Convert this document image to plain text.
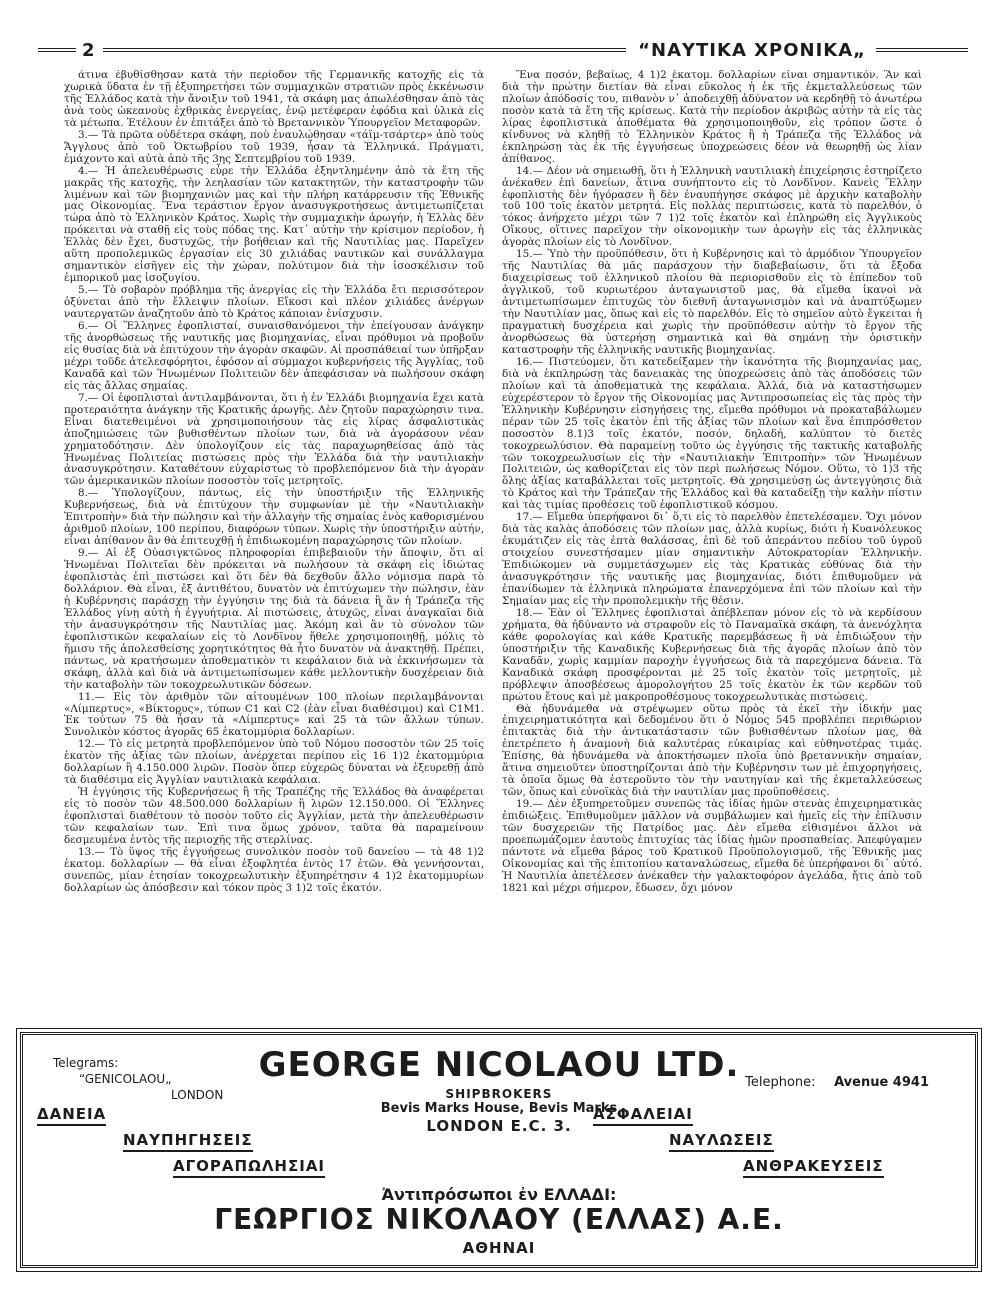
2	“ΝΑΥΤΙΚΑ ΧΡΟΝΙΚΑ„

άτινα ἐβυθίσθησαν κατὰ τὴν περίοδον τῆς Γερμανικῆς κατοχῆς εἰς τὰ χωρικὰ ὕδατα ἐν τῇ ἐξυπηρετήσει τῶν συμμαχικῶν στρατιῶν πρὸς ἐκκένωσιν τῆς Ἑλλάδος κατὰ τὴν ἄνοιξιν τοῦ 1941, τὰ σκάφη μας ἀπωλέσθησαν ἀπὸ τὰς ἀνὰ τοὺς ὠκεανοὺς ἐχθρικὰς ἐνεργείας, ἐνῷ μετέφεραν ἐφόδια καὶ ὑλικὰ εἰς τὰ μέτωπα. Ἐτέλουν ἐν ἐπιτάξει ἀπὸ τὸ Βρεταννικὸν Ὑπουργεῖον Μεταφορῶν.

3.— Τὰ πρῶτα οὐδέτερα σκάφη, ποὺ ἐναυλώθησαν «τάϊμ-τσάρτερ» ἀπὸ τοὺς Ἄγγλους ἀπὸ τοῦ Ὀκτωβρίου τοῦ 1939, ἦσαν τὰ Ἑλληνικά. Πράγματι, ἐμάχοντο καὶ αὐτὰ ἀπὸ τῆς 3ης Σεπτεμβρίου τοῦ 1939.

4.— Ἡ ἀπελευθέρωσις εὗρε τὴν Ἑλλάδα ἐξηντλημένην ἀπὸ τὰ ἔτη τῆς μακρᾶς τῆς κατοχῆς, τὴν λεηλασίαν τῶν κατακτητῶν, τὴν καταστροφὴν τῶν λιμένων καὶ τῶν βιομηχανιῶν μας καὶ τὴν πλήρη κατάρρευσιν τῆς Ἐθνικῆς μας Οἰκονομίας. Ἕνα τεράστιον ἔργον ἀνασυγκροτήσεως ἀντιμετωπίζεται τώρα ἀπὸ τὸ Ἑλληνικὸν Κράτος. Χωρὶς τὴν συμμαχικὴν ἀρωγήν, ἡ Ἑλλὰς δὲν πρόκειται νὰ σταθῇ εἰς τοὺς πόδας της. Κατ᾽ αὐτὴν τὴν κρίσιμον περίοδον, ἡ Ἑλλὰς δὲν ἔχει, δυστυχῶς, τὴν βοήθειαν καὶ τῆς Ναυτιλίας μας. Παρεῖχεν αὕτη προπολεμικῶς ἐργασίαν εἰς 30 χιλιάδας ναυτικῶν καὶ συνάλλαγμα σημαντικὸν εἰσῆγεν εἰς τὴν χώραν, πολύτιμον διὰ τὴν ἰσοσκέλισιν τοῦ ἐμπορικοῦ μας ἰσοζυγίου.

5.— Τὸ σοβαρὸν πρόβλημα τῆς ἀνεργίας εἰς τὴν Ἑλλάδα ἔτι περισσότερον ὀξύνεται ἀπὸ τὴν ἔλλειψιν πλοίων. Εἴκοσι καὶ πλέον χιλιάδες ἀνέργων ναυτεργατῶν ἀναζητοῦν ἀπὸ τὸ Κράτος κάποιαν ἐνίσχυσιν.

6.— Οἱ Ἕλληνες ἐφοπλισταί, συναισθανόμενοι τὴν ἐπείγουσαν ἀνάγκην τῆς ἀνορθώσεως τῆς ναυτικῆς μας βιομηχανίας, εἶναι πρόθυμοι νὰ προβοῦν εἰς θυσίας διὰ νὰ ἐπιτύχουν τὴν ἀγορὰν σκαφῶν. Αἱ προσπάθειαί των ὑπῆρξαν μέχρι τοῦδε ἀτελεσφόρητοι, ἐφόσον αἱ σύμμαχοι κυβερνήσεις τῆς Ἀγγλίας, τοῦ Καναδᾶ καὶ τῶν Ἡνωμένων Πολιτειῶν δὲν ἀπεφάσισαν νὰ πωλήσουν σκάφη εἰς τὰς ἄλλας σημαίας.

7.— Οἱ ἐφοπλισταὶ ἀντιλαμβάνονται, ὅτι ἡ ἐν Ἑλλάδι βιομηχανία ἔχει κατὰ προτεραιότητα ἀνάγκην τῆς Κρατικῆς ἀρωγῆς. Δὲν ζητοῦν παραχώρησιν τινα. Εἶναι διατεθειμένοι νὰ χρησιμοποιήσουν τὰς εἰς λίρας ἀσφαλιστικὰς ἀποζημιώσεις τῶν βυθισθέντων πλοίων των, διὰ νὰ ἀγοράσουν νέαν χρηματοδότησιν. Δὲν ὑπολογίζουν εἰς τὰς παραχωρηθείσας ἀπὸ τὰς Ἡνωμένας Πολιτείας πιστώσεις πρὸς τὴν Ἑλλάδα διὰ τὴν ναυτιλιακὴν ἀνασυγκρότησιν. Καταθέτουν εὐχαρίστως τὸ προβλεπόμενον διὰ τὴν ἀγορὰν τῶν ἀμερικανικῶν πλοίων ποσοστὸν τοῖς μετρητοῖς.

8.— Ὑπολογίζουν, πάντως, εἰς τὴν ὑποστήριξιν τῆς Ἑλληνικῆς Κυβερνήσεως, διὰ νὰ ἐπιτύχουν τὴν συμφωνίαν μὲ τὴν «Ναυτιλιακὴν Ἐπιτροπὴν» διὰ τὴν πώλησιν καὶ τὴν ἀλλαγὴν τῆς σημαίας ἑνὸς καθορισμένου ἀριθμοῦ πλοίων, 100 περίπου, διαφόρων τύπων. Χωρὶς τὴν ὑποστήριξιν αὐτήν, εἶναι ἀπίθανον ἂν θὰ ἐπιτευχθῇ ἡ ἐπιδιωκομένη παραχώρησις τῶν πλοίων.

9.— Αἱ ἐξ Οὐασιγκτῶνος πληροφορίαι ἐπιβεβαιοῦν τὴν ἄποψιν, ὅτι αἱ Ἡνωμέναι Πολιτεῖαι δὲν πρόκειται νὰ πωλήσουν τὰ σκάφη εἰς ἰδιώτας ἐφοπλιστὰς ἐπὶ πιστώσει καὶ ὅτι δὲν θὰ δεχθοῦν ἄλλο νόμισμα παρὰ τὸ δολλάριον. Θὰ εἶναι, ἐξ ἀντιθέτου, δυνατὸν νὰ ἐπιτύχωμεν τὴν πώλησιν, ἐὰν ἡ Κυβέρνησις παράσχῃ τὴν ἐγγύησιν της διὰ τὰ δάνεια ἢ ἂν ἡ Τράπεζα τῆς Ἑλλάδος γίνῃ αὐτὴ ἡ ἐγγυήτρια. Αἱ πιστώσεις, ἀτυχῶς, εἶναι ἀναγκαῖαι διὰ τὴν ἀνασυγκρότησιν τῆς Ναυτιλίας μας. Ἀκόμη καὶ ἂν τὸ σύνολον τῶν ἐφοπλιστικῶν κεφαλαίων εἰς τὸ Λονδῖνον ἤθελε χρησιμοποιηθῇ, μόλις τὸ ἥμισυ τῆς ἀπολεσθείσης χορητικότητος θὰ ἦτο δυνατὸν νὰ ἀνακτηθῇ. Πρέπει, πάντως, νὰ κρατήσωμεν ἀποθεματικὸν τι κεφάλαιον διὰ νὰ ἐκκινήσωμεν τὰ σκάφη, ἀλλὰ καὶ διὰ νὰ ἀντιμετωπίσωμεν κάθε μελλοντικὴν δυσχέρειαν διὰ τὴν καταβολὴν τῶν τοκοχρεωλυτικῶν δόσεων.

11.— Εἰς τὸν ἀριθμὸν τῶν αἰτουμένων 100 πλοίων περιλαμβάνονται «Λίμπερτυς», «Βίκτορυς», τύπων C1 καὶ C2 (ἐὰν εἶναι διαθέσιμοι) καὶ C1M1. Ἐκ τούτων 75 θὰ ἦσαν τὰ «Λίμπερτυς» καὶ 25 τὰ τῶν ἄλλων τύπων. Συνολικὸν κόστος ἀγορᾶς 65 ἑκατομμύρια δολλαρίων.

12.— Τὸ εἰς μετρητὰ προβλεπόμενον ὑπὸ τοῦ Νόμου ποσοστὸν τῶν 25 τοῖς ἑκατὸν τῆς ἀξίας τῶν πλοίων, ἀνέρχεται περίπου εἰς 16 1)2 ἑκατομμύρια δολλαρίων ἢ 4.150.000 λιρῶν. Ποσὸν ὅπερ εὐχερῶς δύναται νὰ ἐξευρεθῇ ἀπὸ τὰ διαθέσιμα εἰς Ἀγγλίαν ναυτιλιακὰ κεφάλαια.

Ἡ ἐγγύησις τῆς Κυβερνήσεως ἢ τῆς Τραπέζης τῆς Ἑλλάδος θὰ ἀναφέρεται εἰς τὸ ποσὸν τῶν 48.500.000 δολλαρίων ἢ λιρῶν 12.150.000. Οἱ Ἕλληνες ἐφοπλισταὶ διαθέτουν τὸ ποσὸν τοῦτο εἰς Ἀγγλίαν, μετὰ τὴν ἀπελευθέρωσιν τῶν κεφαλαίων των. Ἐπὶ τινα ὅμως χρόνον, ταῦτα θὰ παραμείνουν δεσμευμένα ἐντὸς τῆς περιοχῆς τῆς στερλίνας.

13.— Τὸ ὕψος τῆς ἐγγυήσεως συνολικὸν ποσὸν τοῦ δανείου — τὰ 48 1)2 ἑκατομ. δολλαρίων — θὰ εἶναι ἐξοφλητέα ἐντὸς 17 ἐτῶν. Θὰ γεννήσονται, συνεπῶς, μίαν ἐτησίαν τοκοχρεωλυτικὴν ἐξυπηρέτησιν 4 1)2 ἑκατομμυρίων δολλαρίων ὡς ἀπόσβεσιν καὶ τόκον πρὸς 3 1)2 τοῖς ἑκατόν.

Ἕνα ποσόν, βεβαίως, 4 1)2 ἑκατομ. δολλαρίων εἶναι σημαντικόν. Ἂν καὶ διὰ τὴν πρώτην διετίαν θὰ εἶναι εὔκολος ἡ ἐκ τῆς ἐκμεταλλεύσεως τῶν πλοίων ἀπόδοσίς του, πιθανὸν ν᾽ ἀποδειχθῇ ἀδύνατον νὰ κερδηθῇ τὸ ἀνωτέρω ποσὸν κατὰ τὰ ἔτη τῆς κρίσεως. Κατὰ τὴν περίοδον ἀκριβῶς αὐτὴν τὰ εἰς τὰς λίρας ἐφοπλιστικὰ ἀποθέματα θὰ χρησιμοποιηθοῦν, εἰς τρόπον ὥστε ὁ κίνδυνος νὰ κληθῇ τὸ Ἑλληνικὸν Κράτος ἢ ἡ Τράπεζα τῆς Ἑλλάδος νὰ ἐκπληρώσῃ τὰς ἐκ τῆς ἐγγυήσεως ὑποχρεώσεις δέον νὰ θεωρηθῇ ὡς λίαν ἀπίθανος.

14.— Δέον νὰ σημειωθῇ, ὅτι ἡ Ἑλληνικὴ ναυτιλιακὴ ἐπιχείρησις ἐστηρίζετο ἀνέκαθεν ἐπὶ δανείων, ἅτινα συνήπτοντο εἰς τὸ Λονδῖνον. Κανεὶς Ἕλλην ἐφοπλιστὴς δὲν ἠγόρασεν ἢ δὲν ἐναυπήγησε σκάφος μὲ ἀρχικὴν καταβολὴν τοῦ 100 τοῖς ἑκατὸν μετρητά. Εἰς πολλὰς περιπτώσεις, κατὰ τὸ παρελθόν, ὁ τόκος ἀνήρχετο μέχρι τῶν 7 1)2 τοῖς ἑκατὸν καὶ ἐπληρώθη εἰς Ἀγγλικοὺς Οἴκους, οἵτινες παρεῖχον τὴν οἰκονομικὴν των ἀρωγὴν εἰς τὰς ἑλληνικὰς ἀγορὰς πλοίων εἰς τὸ Λονδῖνον.

15.— Ὑπὸ τὴν προϋπόθεσιν, ὅτι ἡ Κυβέρνησις καὶ τὸ ἁρμόδιον Ὑπουργεῖον τῆς Ναυτιλίας θὰ μᾶς παράσχουν τὴν διαβεβαίωσιν, ὅτι τὰ ἔξοδα διαχειρίσεως τοῦ ἑλληνικοῦ πλοίου θὰ περιορισθοῦν εἰς τὸ ἐπίπεδον τοῦ ἀγγλικοῦ, τοῦ κυριωτέρου ἀνταγωνιστοῦ μας, θὰ εἴμεθα ἱκανοὶ νὰ ἀντιμετωπίσωμεν ἐπιτυχῶς τὸν διεθνῆ ἀνταγωνισμὸν καὶ νὰ ἀναπτύξωμεν τὴν Ναυτιλίαν μας, ὅπως καὶ εἰς τὸ παρελθόν. Εἰς τὸ σημεῖον αὐτὸ ἔγκειται ἡ πραγματικὴ δυσχέρεια καὶ χωρὶς τὴν προϋπόθεσιν αὐτὴν τὸ ἔργον τῆς ἀνορθώσεως θὰ ὑστερήσῃ σημαντικὰ καὶ θὰ σημάνῃ τὴν ὁριστικὴν καταστροφὴν τῆς ἑλληνικῆς ναυτικῆς βιομηχανίας.

16.— Πιστεύομεν, ὅτι κατεδείξαμεν τὴν ἱκανότητα τῆς βιομηχανίας μας, διὰ νὰ ἐκπληρώσῃ τὰς δανειακὰς της ὑποχρεώσεις ἀπὸ τὰς ἀποδόσεις τῶν πλοίων καὶ τὰ ἀποθεματικὰ της κεφάλαια. Ἀλλά, διὰ νὰ καταστήσωμεν εὐχερέστερον τὸ ἔργον τῆς Οἰκονομίας μας Ἀντιπροσωπείας εἰς τὰς πρὸς τὴν Ἑλληνικὴν Κυβέρνησιν εἰσηγήσεις της, εἴμεθα πρόθυμοι νὰ προκαταβάλωμεν πέραν τῶν 25 τοῖς ἑκατὸν ἐπὶ τῆς ἀξίας τῶν πλοίων καὶ ἕνα ἐπιπρόσθετον ποσοστὸν 8.1)3 τοῖς ἑκατόν, ποσόν, δηλαδή, καλύπτον τὸ διετὲς τοκοχρεωλύσιον. Θὰ παραμείνῃ τοῦτο ὡς ἐγγύησις τῆς τακτικῆς καταβολῆς τῶν τοκοχρεωλυσίων εἰς τὴν «Ναυτιλιακὴν Ἐπιτροπὴν» τῶν Ἡνωμένων Πολιτειῶν, ὡς καθορίζεται εἰς τὸν περὶ πωλήσεως Νόμον. Οὕτω, τὸ 1)3 τῆς ὅλης ἀξίας καταβάλλεται τοῖς μετρητοῖς. Θὰ χρησιμεύσῃ ὡς ἀντεγγύησις διὰ τὸ Κράτος καὶ τὴν Τράπεζαν τῆς Ἑλλάδος καὶ θὰ καταδείξῃ τὴν καλὴν πίστιν καὶ τὰς τιμίας προθέσεις τοῦ ἐφοπλιστικοῦ κόσμου.

17.— Εἴμεθα ὑπερήφανοι δι᾽ ὅ,τι εἰς τὸ παρελθὸν ἐπετελέσαμεν. Ὄχι μόνον διὰ τὰς καλὰς ἀποδόσεις τῶν πλοίων μας, ἀλλὰ κυρίως, διότι ἡ Κυανόλευκος ἐκυμάτιζεν εἰς τὰς ἑπτὰ θαλάσσας, ἐπὶ δὲ τοῦ ἀπεράντου πεδίου τοῦ ὑγροῦ στοιχείου συνεστήσαμεν μίαν σημαντικὴν Αὐτοκρατορίαν Ἑλληνικήν. Ἐπιδιώκομεν νὰ συμμετάσχωμεν εἰς τὰς Κρατικὰς εὐθύνας διὰ τὴν ἀνασυγκρότησιν τῆς ναυτικῆς μας βιομηχανίας, διότι ἐπιθυμοῦμεν νὰ ἐπανίδωμεν τὰ ἑλληνικὰ πληρώματα ἐπανερχόμενα ἐπὶ τῶν πλοίων καὶ τὴν Σημαίαν μας εἰς τὴν προπολεμικὴν τῆς θέσιν.

18.— Ἐὰν οἱ Ἕλληνες ἐφοπλισταὶ ἀπέβλεπαν μόνον εἰς τὸ νὰ κερδίσουν χρήματα, θὰ ἠδύναντο νὰ στραφοῦν εἰς τὸ Παναμαϊκὰ σκάφη, τὰ ἀνενόχλητα κάθε φορολογίας καὶ κάθε Κρατικῆς παρεμβάσεως ἢ νὰ ἐπιδιώξουν τὴν ὑποστήριξιν τῆς Καναδικῆς Κυβερνήσεως διὰ τῆς ἀγορᾶς πλοίων ἀπὸ τὸν Καναδᾶν, χωρὶς καμμίαν παροχὴν ἐγγυήσεως διὰ τὰ παρεχόμενα δάνεια. Τὰ Καναδικὰ σκάφη προσφέρονται μὲ 25 τοῖς ἑκατὸν τοῖς μετρητοῖς, μὲ πρόβλεψιν ἀποσβέσεως ἀμορολογήτου 25 τοῖς ἑκατὸν ἐκ τῶν κερδῶν τοῦ πρώτου ἔτους καὶ μὲ μακροπροθέσμους τοκοχρεωλυτικὰς πιστώσεις.

Θὰ ἠδυνάμεθα νὰ στρέψωμεν οὕτω πρὸς τὰ ἐκεῖ τὴν ἰδικήν μας ἐπιχειρηματικότητα καὶ δεδομένου ὅτι ὁ Νόμος 545 προβλέπει περιθώριον ἐπιτακτὰς διὰ τὴν ἀντικατάστασιν τῶν βυθισθέντων πλοίων μας, θὰ ἐπετρέπετο ἡ ἀναμονὴ διὰ καλυτέρας εὐκαιρίας καὶ εὐθηνοτέρας τιμάς. Ἐπίσης, θὰ ἠδυνάμεθα νὰ ἀποκτήσωμεν πλοῖα ὑπὸ βρεταννικὴν σημαίαν, ἅτινα σημειοῦτεν ὑποστηρίζονται ἀπὸ τὴν Κυβέρνησιν των μὲ ἐπιχορηγήσεις, τὰ ὁποῖα ὅμως θὰ ἐστεροῦντο τὸν τὴν ναυτηγίαν καὶ τῆς ἐκμεταλλεύσεως τῶν, ὅπως καὶ εὐνοϊκὰς διὰ τὴν ναυτιλίαν μας προϋποθέσεις.

19.— Δὲν ἐξυπηρετοῦμεν συνεπῶς τὰς ἰδίας ἡμῶν στενὰς ἐπιχειρηματικὰς ἐπιδιώξεις. Ἐπιθυμοῦμεν μᾶλλον νὰ συμβάλωμεν καὶ ἡμεῖς εἰς τὴν ἐπίλυσιν τῶν δυσχερειῶν τῆς Πατρίδος μας. Δὲν εἴμεθα εἰθισμένοι ἄλλοι νὰ προεπωμάζομεν ἑαυτοὺς ἐπιτυχίας τὰς ἰδίας ἡμῶν προσπαθείας. Ἀπεφύγαμεν πάντοτε νὰ εἴμεθα βάρος τοῦ Κρατικοῦ Προϋπολογισμοῦ, τῆς Ἐθνικῆς μας Οἰκονομίας καὶ τῆς ἐπιτοπίου καταναλώσεως, εἴμεθα δὲ ὑπερήφανοι δι᾽ αὐτό. Ἡ Ναυτιλία ἀπετέλεσεν ἀνέκαθεν τὴν γαλακτοφόρον ἀγελάδα, ἤτις ἀπὸ τοῦ 1821 καὶ μέχρι σήμερον, ἔδωσεν, ὄχι μόνον

Telegrams:
“GENICOLAOU„
LONDON
GEORGE NICOLAOU LTD.
SHIPBROKERS
Bevis Marks House, Bevis Marks
LONDON E.C. 3.
Telephone: Avenue 4941
ΔΑΝΕΙΑ
ΝΑΥΠΗΓΗΣΕΙΣ
ΑΓΟΡΑΠΩΛΗΣΙΑΙ
ΑΣΦΑΛΕΙΑΙ
ΝΑΥΛΩΣΕΙΣ
ΑΝΘΡΑΚΕΥΣΕΙΣ
Ἀντιπρόσωποι ἐν ΕΛΛΑΔΙ:
ΓΕΩΡΓΙΟΣ ΝΙΚΟΛΑΟΥ (ΕΛΛΑΣ) Α.Ε.
ΑΘΗΝΑΙ
